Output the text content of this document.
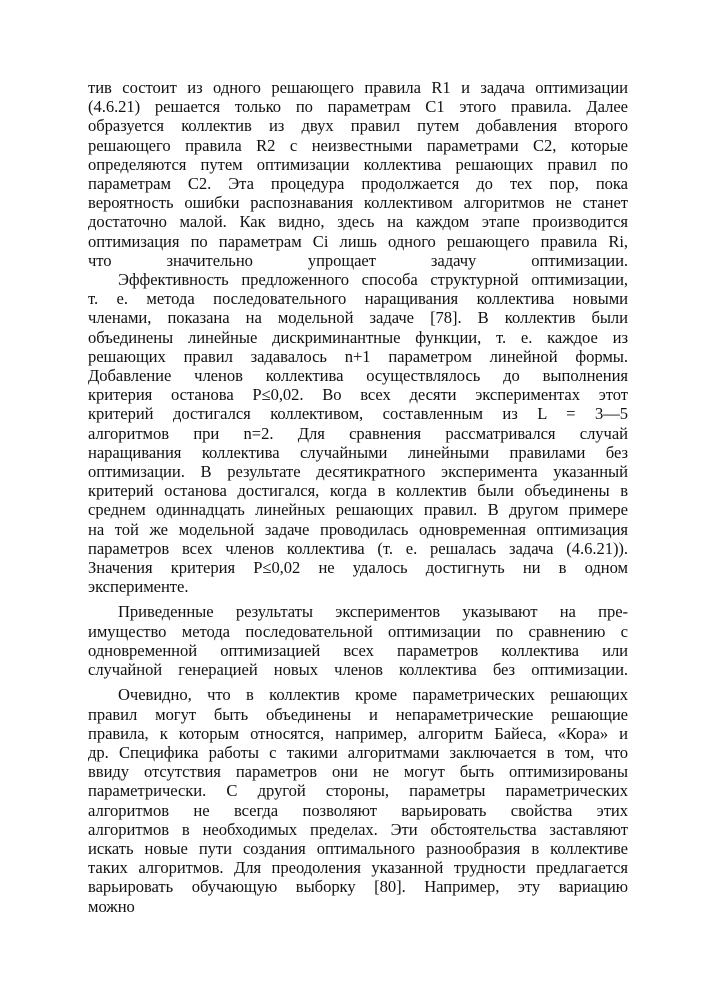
тив состоит из одного решающего правила R1 и задача оптимизации
(4.6.21) решается только по параметрам C1 этого правила. Далее
образуется коллектив из двух правил путем добавления второго
решающего правила R2 с неизвестными параметрами C2, которые
определяются путем оптимизации коллектива решающих правил по
параметрам C2. Эта процедура продолжается до тех пор, пока
вероятность ошибки распознавания коллективом алгоритмов не станет
достаточно малой. Как видно, здесь на каждом этапе производится
оптимизация по параметрам Ci лишь одного решающего правила Ri,
что значительно упрощает задачу оптимизации.
Эффективность предложенного способа структурной оптимизации,
т. е. метода последовательного наращивания коллектива новыми
членами, показана на модельной задаче [78]. В коллектив были
объединены линейные дискриминантные функции, т. е. каждое из
решающих правил задавалось n+1 параметром линейной формы.
Добавление членов коллектива осуществлялось до выполнения
критерия останова P≤0,02. Во всех десяти экспериментах этот
критерий достигался коллективом, составленным из L = 3—5
алгоритмов при n=2. Для сравнения рассматривался случай
наращивания коллектива случайными линейными правилами без
оптимизации. В результате десятикратного эксперимента указанный
критерий останова достигался, когда в коллектив были объединены в
среднем одиннадцать линейных решающих правил. В другом примере
на той же модельной задаче проводилась одновременная оптимизация
параметров всех членов коллектива (т. е. решалась задача (4.6.21)).
Значения критерия P≤0,02 не удалось достигнуть ни в одном
эксперименте.
Приведенные результаты экспериментов указывают на пре-
имущество метода последовательной оптимизации по сравнению с
одновременной оптимизацией всех параметров коллектива или
случайной генерацией новых членов коллектива без оптимизации.
Очевидно, что в коллектив кроме параметрических решающих
правил могут быть объединены и непараметрические решающие
правила, к которым относятся, например, алгоритм Байеса, «Кора» и
др. Специфика работы с такими алгоритмами заключается в том, что
ввиду отсутствия параметров они не могут быть оптимизированы
параметрически. С другой стороны, параметры параметрических
алгоритмов не всегда позволяют варьировать свойства этих
алгоритмов в необходимых пределах. Эти обстоятельства заставляют
искать новые пути создания оптимального разнообразия в коллективе
таких алгоритмов. Для преодоления указанной трудности предлагается
варьировать обучающую выборку [80]. Например, эту вариацию
можно
